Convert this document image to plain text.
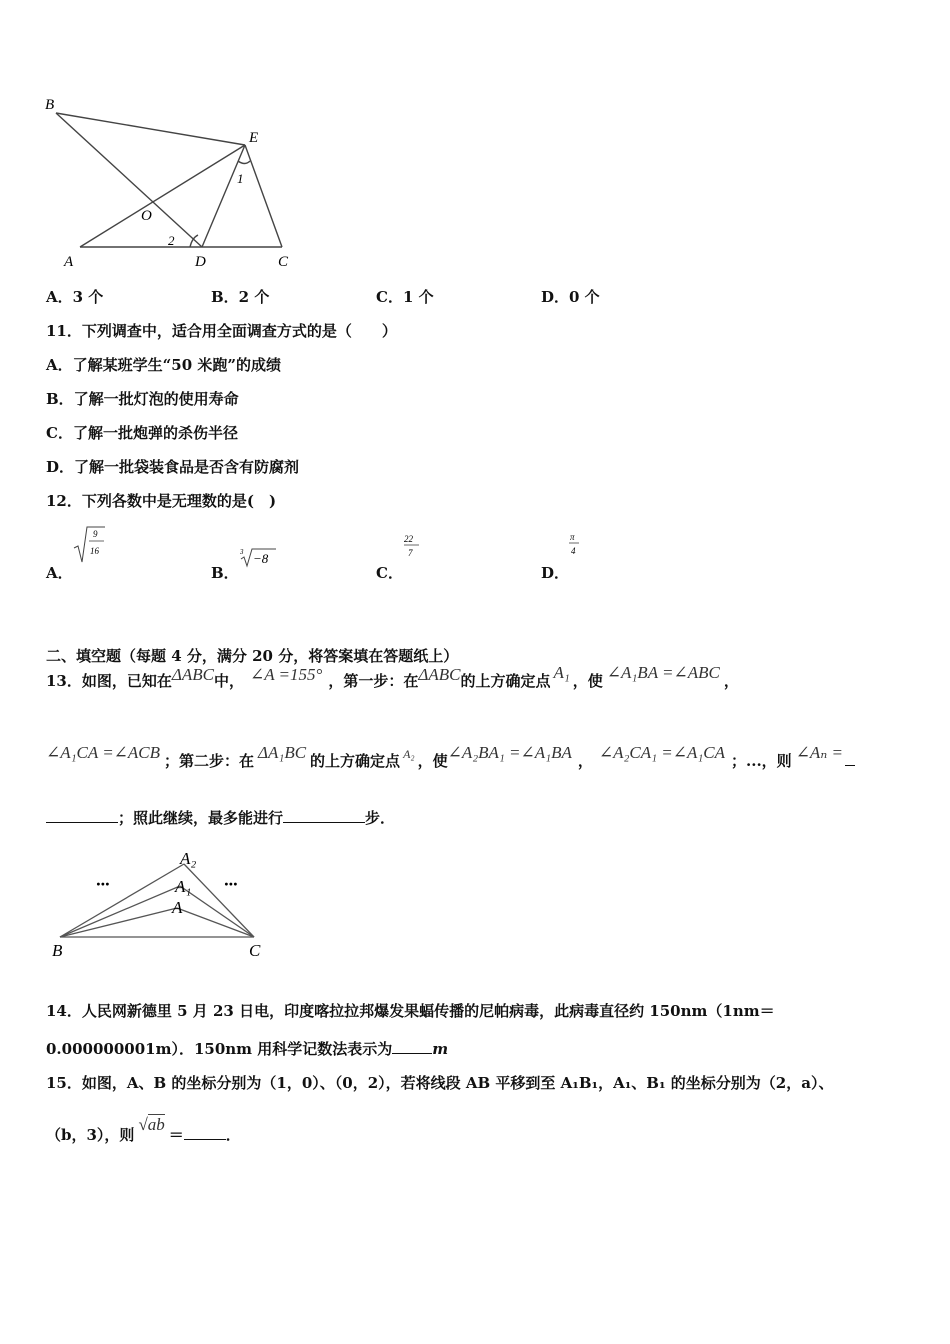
B
E
1
O
2
A	D	C
A．3 个	B．2 个	C．1 个	D．0 个
11．下列调查中，适合用全面调查方式的是（　　）
A．了解某班学生“50 米跑”的成绩
B．了解一批灯泡的使用寿命
C．了解一批炮弹的杀伤半径
D．了解一批袋装食品是否含有防腐剂
12．下列各数中是无理数的是(　)
A．	B．	C．	D．
9
16	3 −8
22
7
π
4
二、填空题（每题 4 分，满分 20 分，将答案填在答题纸上）
13．如图，已知在ΔABC中， ∠A =155° ，第一步：在ΔABC的上方确定点 A₁ ，使 ∠A₁BA =∠ABC ，
∠A₁CA =∠ACB ；第二步：在 ΔA₁BC 的上方确定点 $^{A_2}$ ，使∠A₂BA₁ =∠A₁BA ， ∠A₂CA₁ =∠A₁CA ；...，则 ∠Aₙ =
；照此继续，最多能进行	步．
A₂
A₁
A
B	C
···	···
14．人民网新德里 5 月 23 日电，印度喀拉拉邦爆发果蝠传播的尼帕病毒，此病毒直径约 150nm（1nm＝
0.000000001m）．150nm 用科学记数法表示为	m
15．如图，A、B 的坐标分别为（1，0）、（0，2），若将线段 AB 平移到至 A₁B₁，A₁、B₁ 的坐标分别为（2，a）、
（b，3），则√ab＝	．
